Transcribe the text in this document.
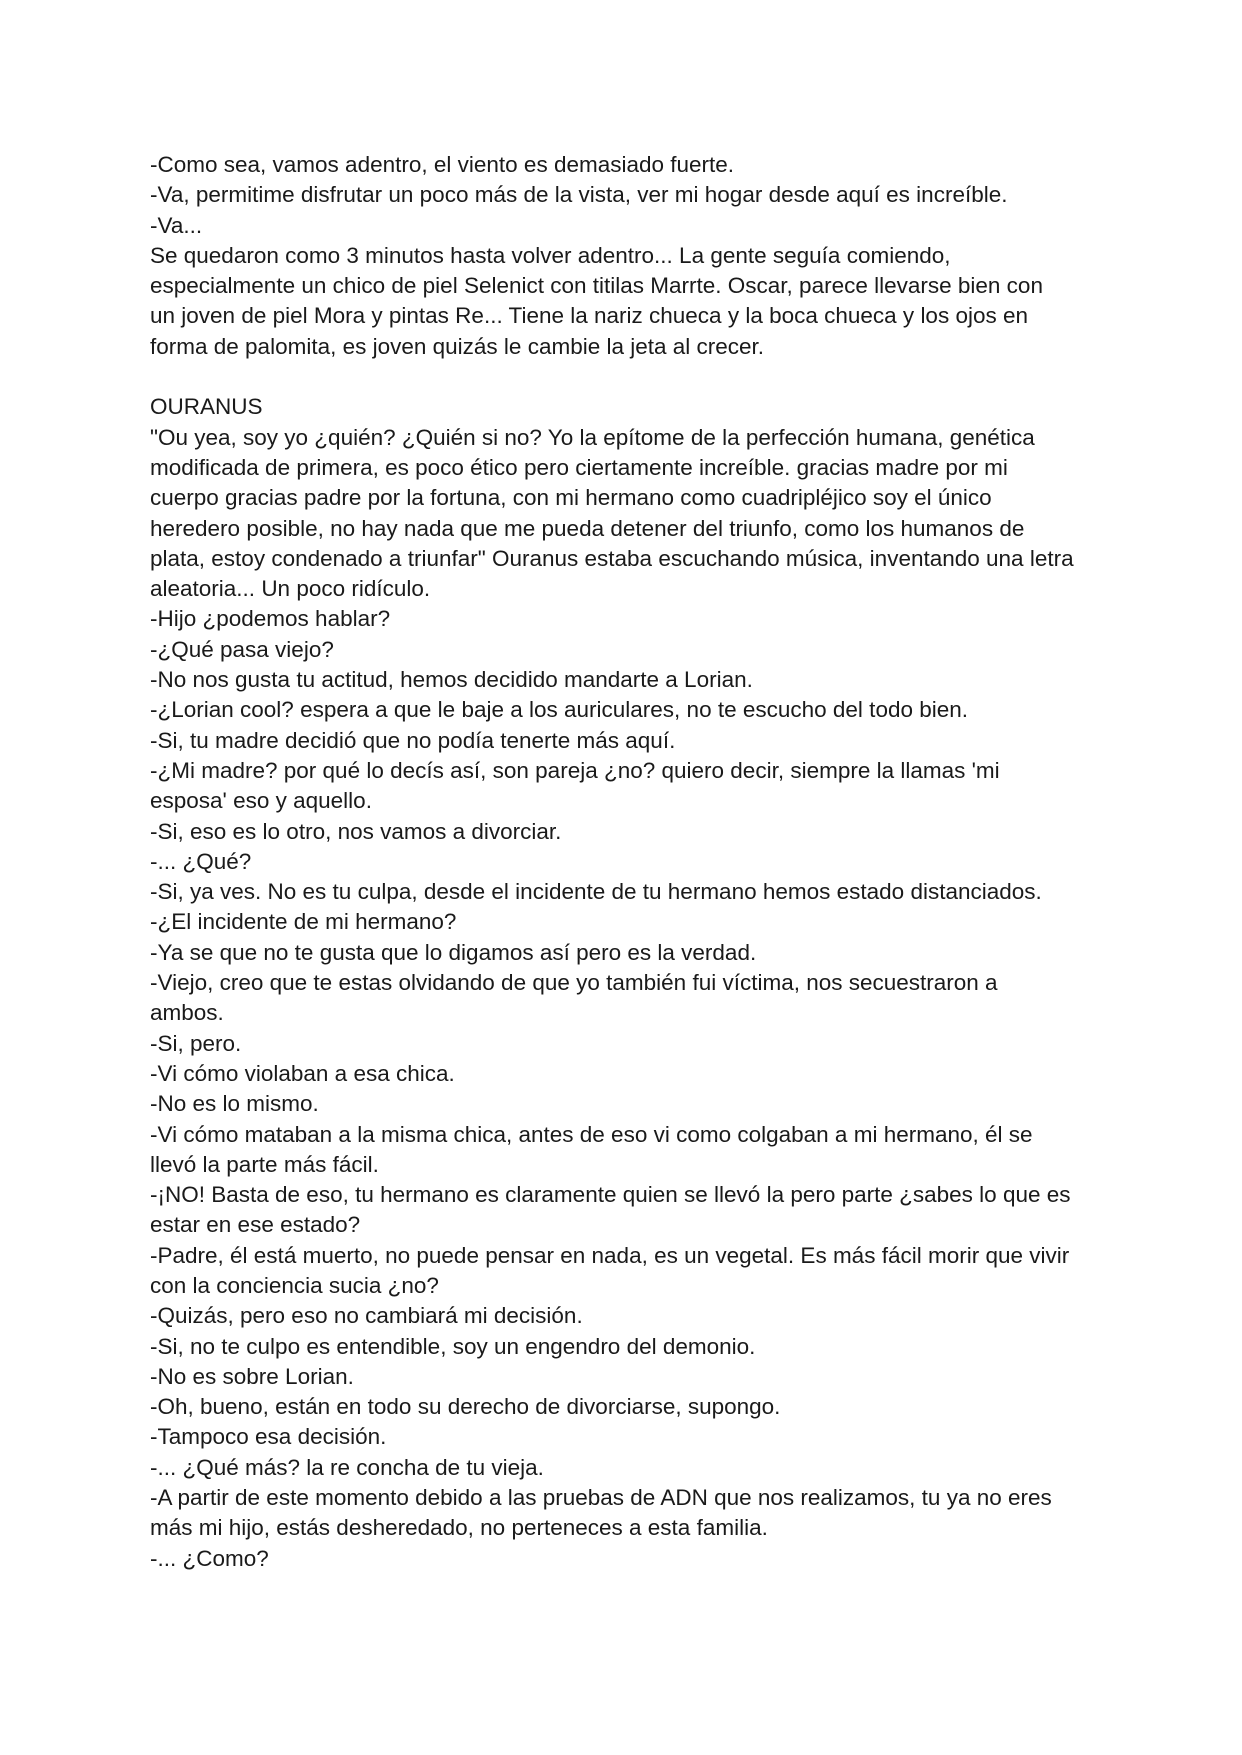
-Como sea, vamos adentro, el viento es demasiado fuerte.
-Va, permitime disfrutar un poco más de la vista, ver mi hogar desde aquí es increíble.
-Va...
Se quedaron como 3 minutos hasta volver adentro... La gente seguía comiendo,
especialmente un chico de piel Selenict con titilas Marrte. Oscar, parece llevarse bien con
un joven de piel Mora y pintas Re... Tiene la nariz chueca y la boca chueca y los ojos en
forma de palomita, es joven quizás le cambie la jeta al crecer.
OURANUS
"Ou yea, soy yo ¿quién? ¿Quién si no? Yo la epítome de la perfección humana, genética
modificada de primera, es poco ético pero ciertamente increíble. gracias madre por mi
cuerpo gracias padre por la fortuna, con mi hermano como cuadripléjico soy el único
heredero posible, no hay nada que me pueda detener del triunfo, como los humanos de
plata, estoy condenado a triunfar" Ouranus estaba escuchando música, inventando una letra
aleatoria... Un poco ridículo.
-Hijo ¿podemos hablar?
-¿Qué pasa viejo?
-No nos gusta tu actitud, hemos decidido mandarte a Lorian.
-¿Lorian cool? espera a que le baje a los auriculares, no te escucho del todo bien.
-Si, tu madre decidió que no podía tenerte más aquí.
-¿Mi madre? por qué lo decís así, son pareja ¿no? quiero decir, siempre la llamas 'mi
esposa' eso y aquello.
-Si, eso es lo otro, nos vamos a divorciar.
-... ¿Qué?
-Si, ya ves. No es tu culpa, desde el incidente de tu hermano hemos estado distanciados.
-¿El incidente de mi hermano?
-Ya se que no te gusta que lo digamos así pero es la verdad.
-Viejo, creo que te estas olvidando de que yo también fui víctima, nos secuestraron a
ambos.
-Si, pero.
-Vi cómo violaban a esa chica.
-No es lo mismo.
-Vi cómo mataban a la misma chica, antes de eso vi como colgaban a mi hermano, él se
llevó la parte más fácil.
-¡NO! Basta de eso, tu hermano es claramente quien se llevó la pero parte ¿sabes lo que es
estar en ese estado?
-Padre, él está muerto, no puede pensar en nada, es un vegetal. Es más fácil morir que vivir
con la conciencia sucia ¿no?
-Quizás, pero eso no cambiará mi decisión.
-Si, no te culpo es entendible, soy un engendro del demonio.
-No es sobre Lorian.
-Oh, bueno, están en todo su derecho de divorciarse, supongo.
-Tampoco esa decisión.
-... ¿Qué más? la re concha de tu vieja.
-A partir de este momento debido a las pruebas de ADN que nos realizamos, tu ya no eres
más mi hijo, estás desheredado, no perteneces a esta familia.
-... ¿Como?
